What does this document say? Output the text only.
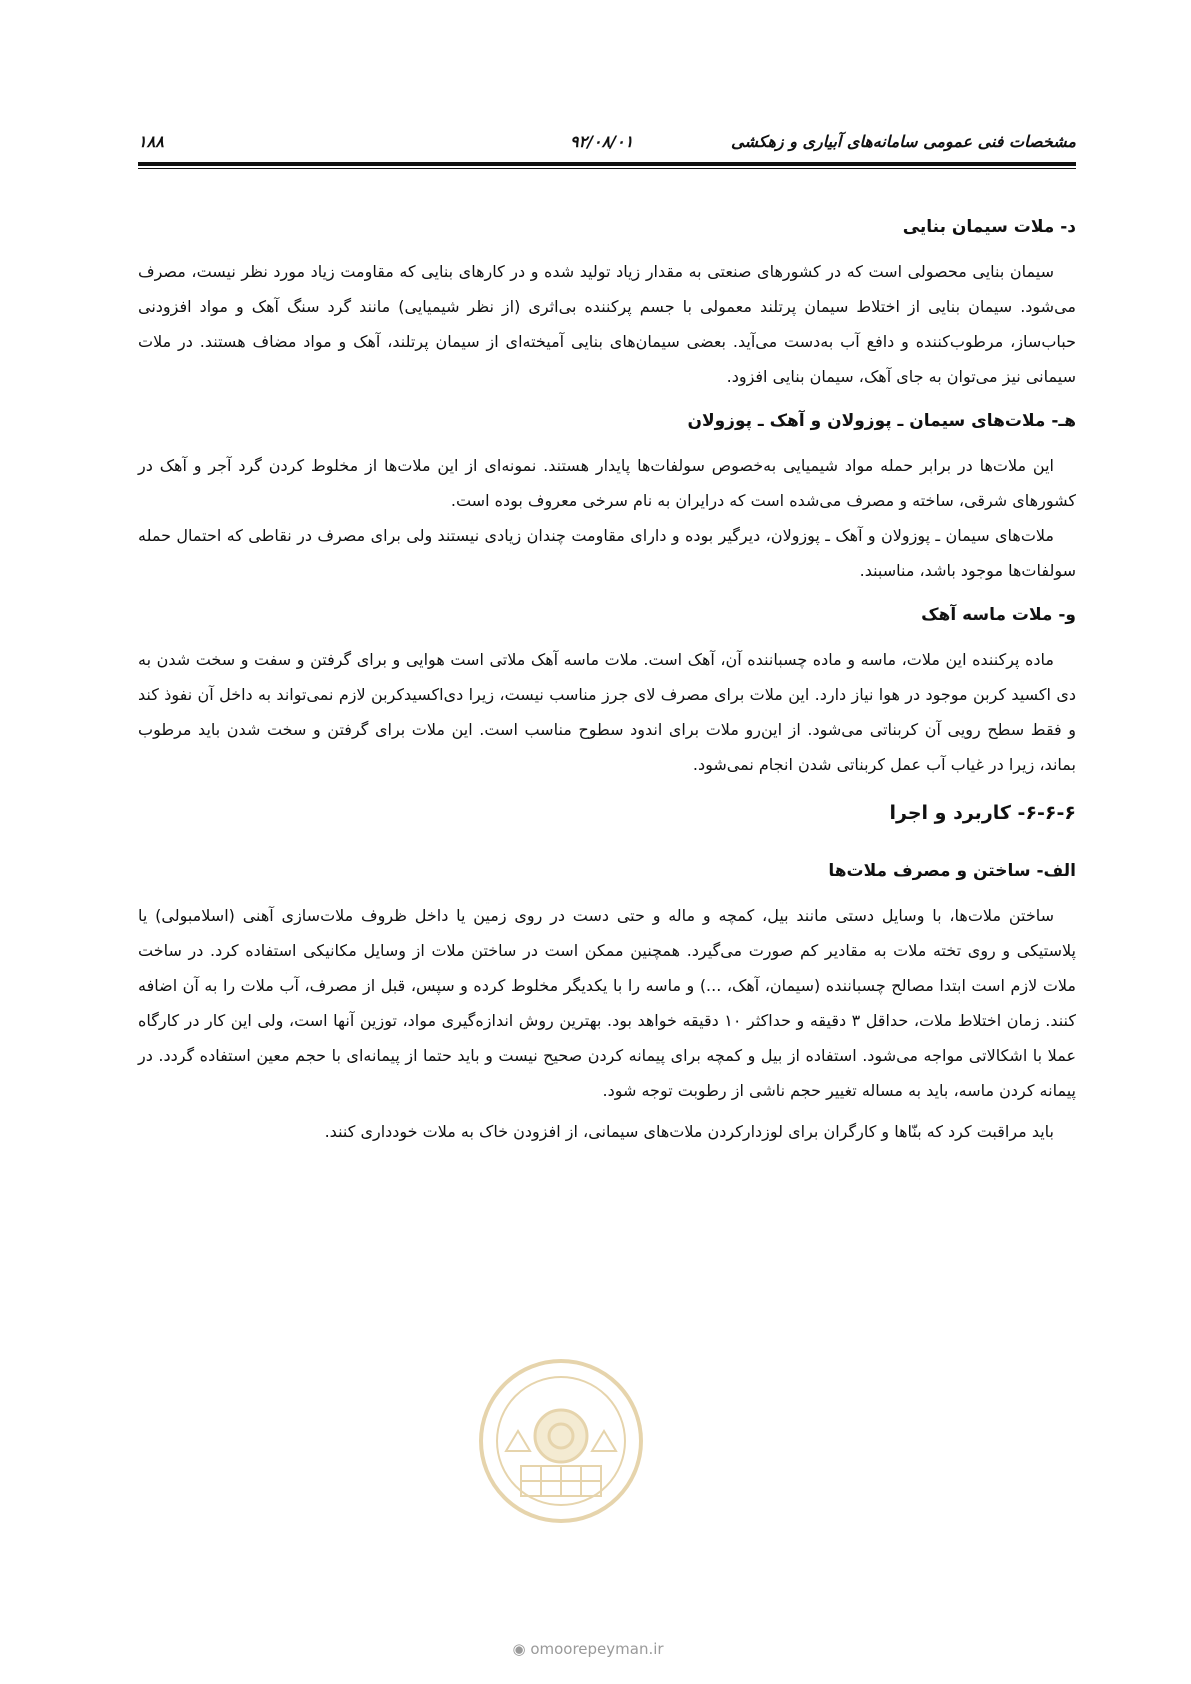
مشخصات فنی عمومی سامانه‌های آبیاری و زهکشی
۹۲/۰۸/۰۱
۱۸۸
د- ملات سیمان بنایی

سیمان بنایی محصولی است که در کشورهای صنعتی به مقدار زیاد تولید شده و در کارهای بنایی که مقاومت زیاد مورد نظر نیست، مصرف می‌شود. سیمان بنایی از اختلاط سیمان پرتلند معمولی با جسم پرکننده بی‌اثری (از نظر شیمیایی) مانند گرد سنگ آهک و مواد افزودنی حباب‌ساز، مرطوب‌کننده و دافع آب به‌دست می‌آید. بعضی سیمان‌های بنایی آمیخته‌ای از سیمان پرتلند، آهک و مواد مضاف هستند. در ملات سیمانی نیز می‌توان به جای آهک، سیمان بنایی افزود.

هـ- ملات‌های سیمان ـ پوزولان و آهک ـ پوزولان

این ملات‌ها در برابر حمله مواد شیمیایی به‌خصوص سولفات‌ها پایدار هستند. نمونه‌ای از این ملات‌ها از مخلوط کردن گرد آجر و آهک در کشورهای شرقی، ساخته و مصرف می‌شده است که درایران به نام سرخی معروف بوده است.

ملات‌های سیمان ـ پوزولان و آهک ـ پوزولان، دیرگیر بوده و دارای مقاومت چندان زیادی نیستند ولی برای مصرف در نقاطی که احتمال حمله سولفات‌ها موجود باشد، مناسبند.

و- ملات ماسه آهک

ماده پرکننده این ملات، ماسه و ماده چسباننده آن، آهک است. ملات ماسه آهک ملاتی است هوایی و برای گرفتن و سفت و سخت شدن به دی اکسید کربن موجود در هوا نیاز دارد. این ملات برای مصرف لای جرز مناسب نیست، زیرا دی‌اکسیدکربن لازم نمی‌تواند به داخل آن نفوذ کند و فقط سطح رویی آن کربناتی می‌شود. از این‌رو ملات برای اندود سطوح مناسب است. این ملات برای گرفتن و سخت شدن باید مرطوب بماند، زیرا در غیاب آب عمل کربناتی شدن انجام نمی‌شود.

۶-۶-۶- کاربرد و اجرا
الف- ساختن و مصرف ملات‌ها

ساختن ملات‌ها، با وسایل دستی مانند بیل، کمچه و ماله و حتی دست در روی زمین یا داخل ظروف ملات‌سازی آهنی (اسلامبولی) یا پلاستیکی و روی تخته ملات به مقادیر کم صورت می‌گیرد. همچنین ممکن است در ساختن ملات از وسایل مکانیکی استفاده کرد. در ساخت ملات لازم است ابتدا مصالح چسباننده (سیمان، آهک، ...) و ماسه را با یکدیگر مخلوط کرده و سپس، قبل از مصرف، آب ملات را به آن اضافه کنند. زمان اختلاط ملات، حداقل ۳ دقیقه و حداکثر ۱۰ دقیقه خواهد بود. بهترین روش اندازه‌گیری مواد، توزین آنها است، ولی این کار در کارگاه عملا با اشکالاتی مواجه می‌شود. استفاده از بیل و کمچه برای پیمانه کردن صحیح نیست و باید حتما از پیمانه‌ای با حجم معین استفاده گردد. در پیمانه کردن ماسه، باید به مساله تغییر حجم ناشی از رطوبت توجه شود.

باید مراقبت کرد که بنّاها و کارگران برای لوزدارکردن ملات‌های سیمانی، از افزودن خاک به ملات خودداری کنند.

◉ omoorepeyman.ir
